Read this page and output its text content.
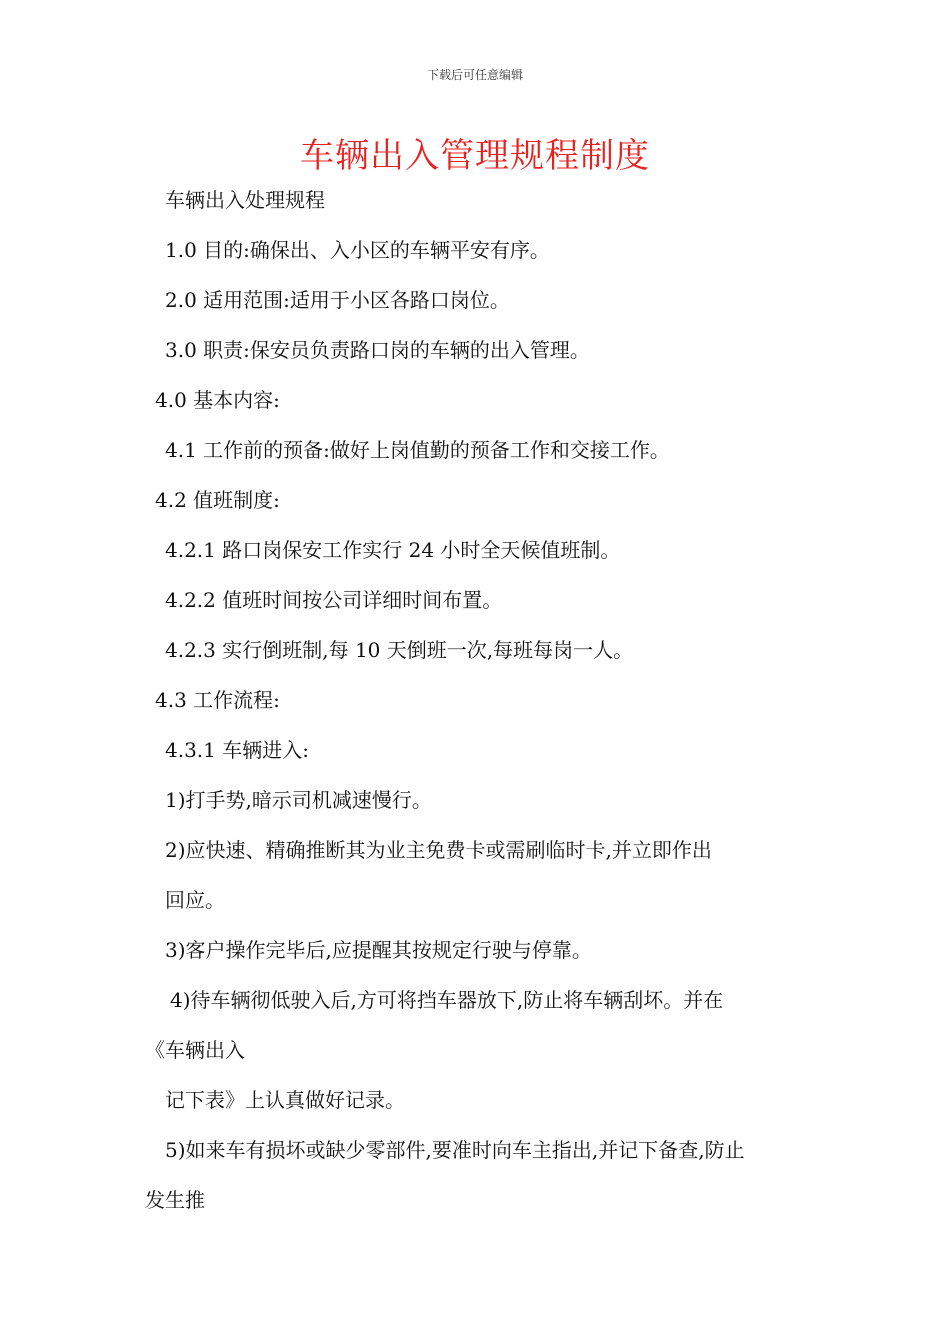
下载后可任意编辑
车辆出入管理规程制度
车辆出入处理规程
1.0 目的:确保出、入小区的车辆平安有序。
2.0 适用范围:适用于小区各路口岗位。
3.0 职责:保安员负责路口岗的车辆的出入管理。
4.0 基本内容:
4.1 工作前的预备:做好上岗值勤的预备工作和交接工作。
4.2 值班制度:
4.2.1 路口岗保安工作实行 24 小时全天候值班制。
4.2.2 值班时间按公司详细时间布置。
4.2.3 实行倒班制,每 10 天倒班一次,每班每岗一人。
4.3 工作流程:
4.3.1 车辆进入:
1)打手势,暗示司机减速慢行。
2)应快速、精确推断其为业主免费卡或需刷临时卡,并立即作出
回应。
3)客户操作完毕后,应提醒其按规定行驶与停靠。
4)待车辆彻低驶入后,方可将挡车器放下,防止将车辆刮坏。并在
《车辆出入
记下表》上认真做好记录。
5)如来车有损坏或缺少零部件,要准时向车主指出,并记下备查,防止
发生推
